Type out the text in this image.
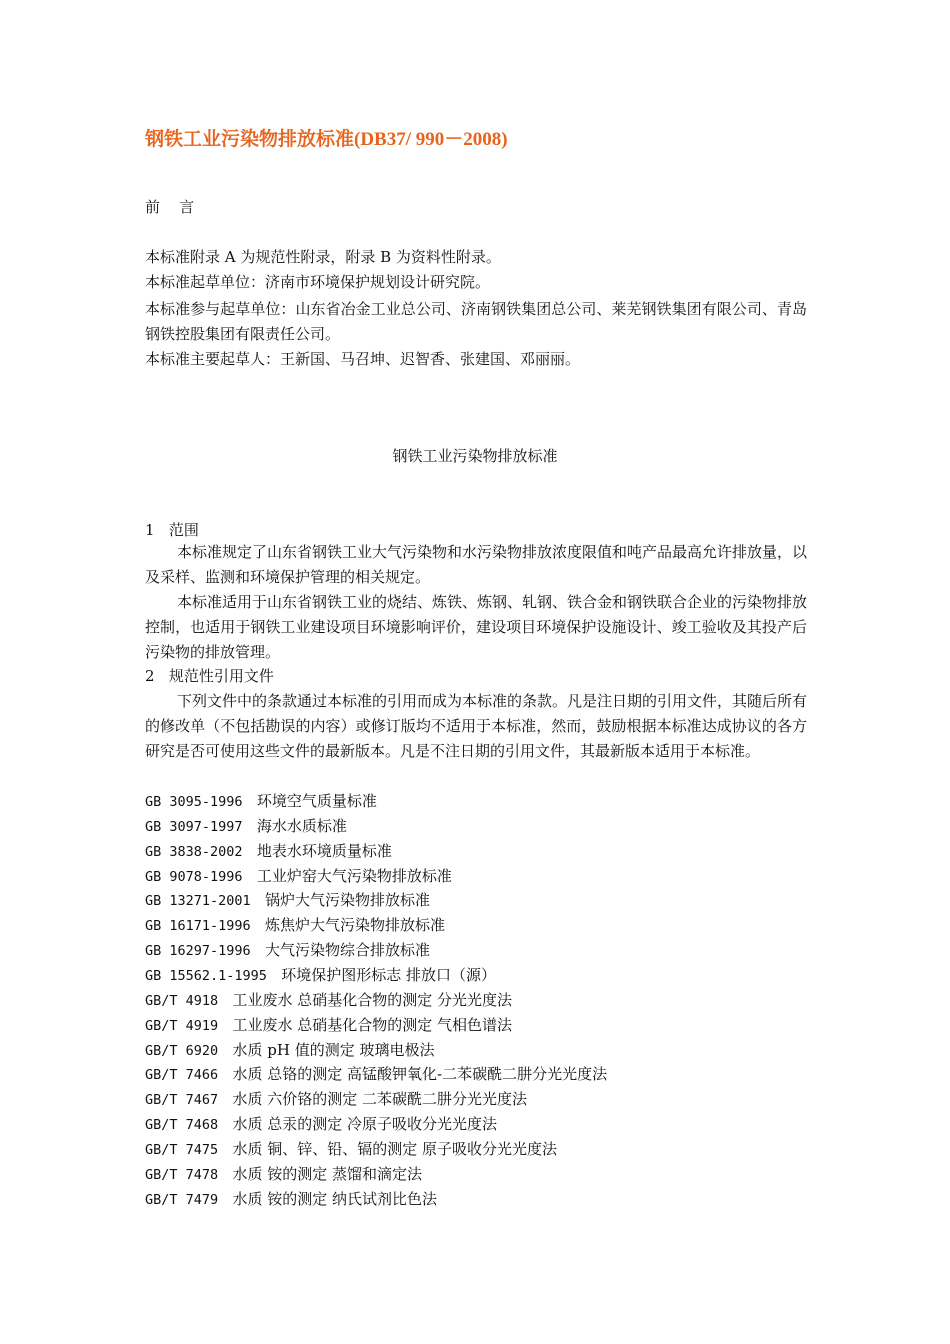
钢铁工业污染物排放标准(DB37/ 990－2008)
前    言
本标准附录 A 为规范性附录，附录 B 为资料性附录。
本标准起草单位：济南市环境保护规划设计研究院。
本标准参与起草单位：山东省冶金工业总公司、济南钢铁集团总公司、莱芜钢铁集团有限公司、青岛钢铁控股集团有限责任公司。
本标准主要起草人：王新国、马召坤、迟智香、张建国、邓丽丽。
钢铁工业污染物排放标准
1   范围
本标准规定了山东省钢铁工业大气污染物和水污染物排放浓度限值和吨产品最高允许排放量，以及采样、监测和环境保护管理的相关规定。
本标准适用于山东省钢铁工业的烧结、炼铁、炼钢、轧钢、铁合金和钢铁联合企业的污染物排放控制，也适用于钢铁工业建设项目环境影响评价，建设项目环境保护设施设计、竣工验收及其投产后污染物的排放管理。
2   规范性引用文件
下列文件中的条款通过本标准的引用而成为本标准的条款。凡是注日期的引用文件，其随后所有的修改单（不包括勘误的内容）或修订版均不适用于本标准，然而，鼓励根据本标准达成协议的各方研究是否可使用这些文件的最新版本。凡是不注日期的引用文件，其最新版本适用于本标准。
GB 3095-1996 环境空气质量标准
GB 3097-1997 海水水质标准
GB 3838-2002 地表水环境质量标准
GB 9078-1996 工业炉窑大气污染物排放标准
GB 13271-2001 锅炉大气污染物排放标准
GB 16171-1996 炼焦炉大气污染物排放标准
GB 16297-1996 大气污染物综合排放标准
GB 15562.1-1995 环境保护图形标志 排放口（源）
GB/T 4918 工业废水 总硝基化合物的测定 分光光度法
GB/T 4919 工业废水 总硝基化合物的测定 气相色谱法
GB/T 6920 水质 pH 值的测定 玻璃电极法
GB/T 7466 水质 总铬的测定 高锰酸钾氧化-二苯碳酰二肼分光光度法
GB/T 7467 水质 六价铬的测定 二苯碳酰二肼分光光度法
GB/T 7468 水质 总汞的测定 冷原子吸收分光光度法
GB/T 7475 水质 铜、锌、铅、镉的测定 原子吸收分光光度法
GB/T 7478 水质 铵的测定 蒸馏和滴定法
GB/T 7479 水质 铵的测定 纳氏试剂比色法
